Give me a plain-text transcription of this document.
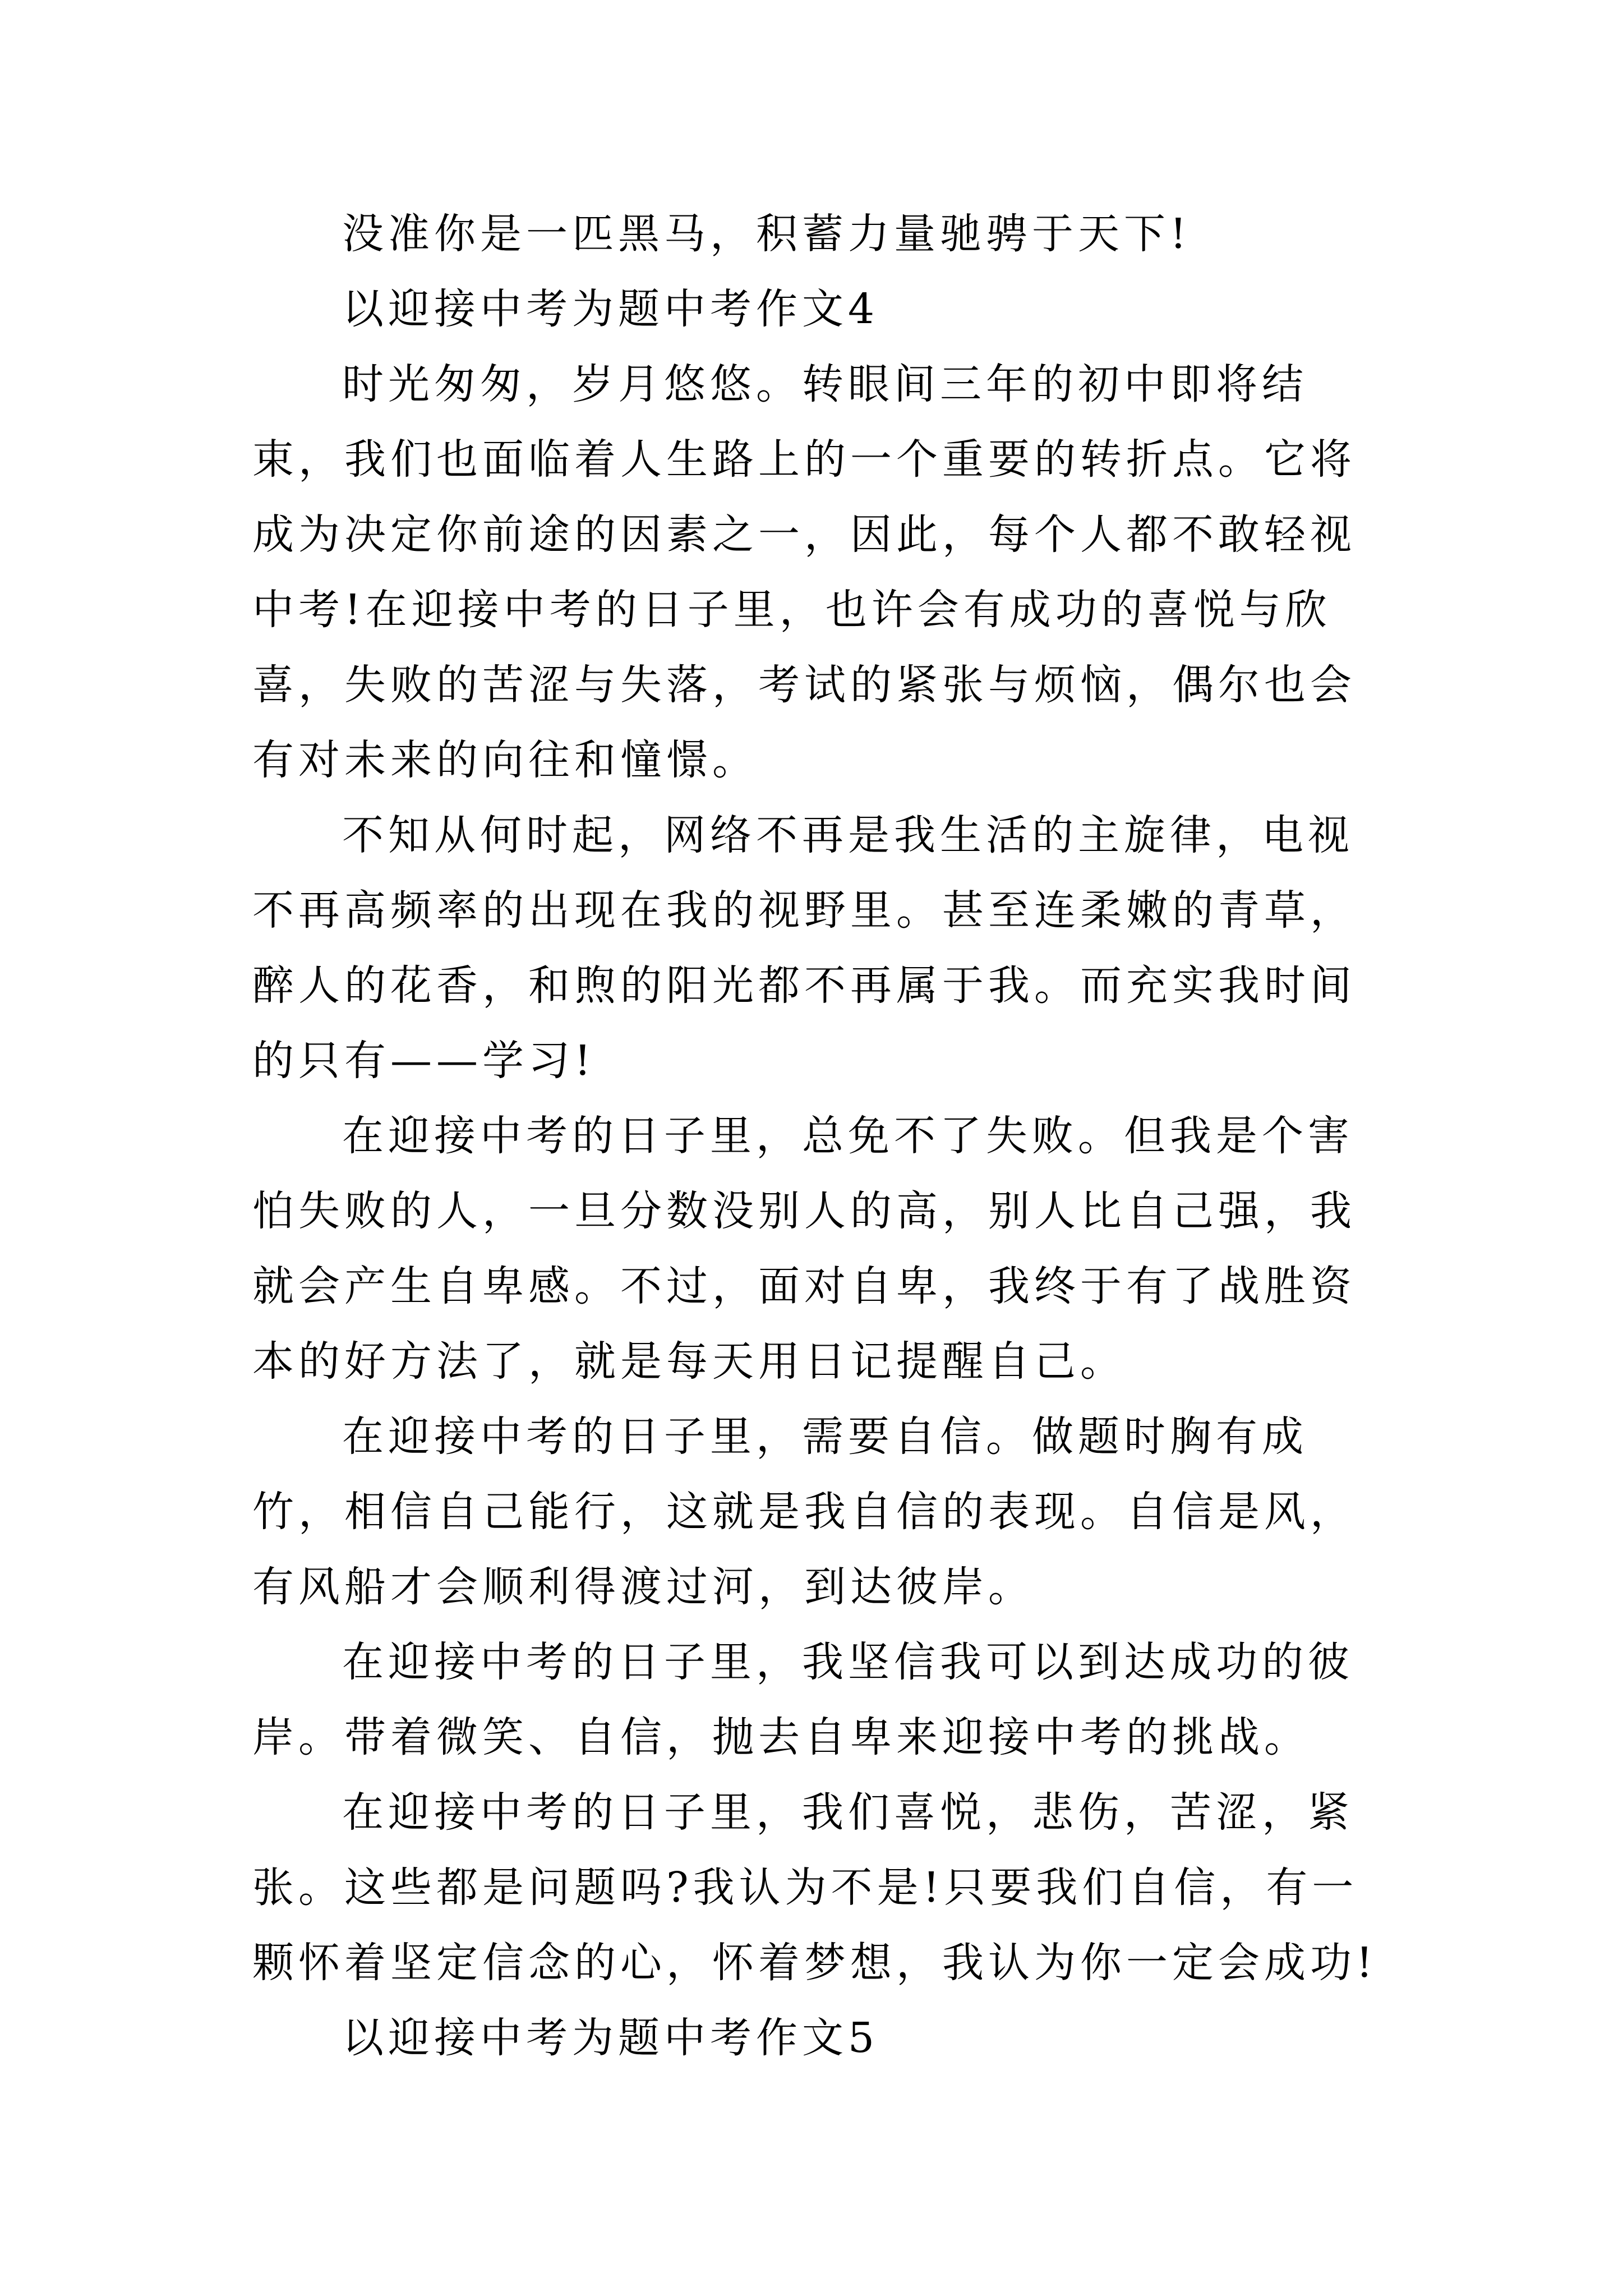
没准你是一匹黑马，积蓄力量驰骋于天下!

以迎接中考为题中考作文4

时光匆匆，岁月悠悠。转眼间三年的初中即将结束，我们也面临着人生路上的一个重要的转折点。它将成为决定你前途的因素之一，因此，每个人都不敢轻视中考!在迎接中考的日子里，也许会有成功的喜悦与欣喜，失败的苦涩与失落，考试的紧张与烦恼，偶尔也会有对未来的向往和憧憬。

不知从何时起，网络不再是我生活的主旋律，电视不再高频率的出现在我的视野里。甚至连柔嫩的青草，醉人的花香，和煦的阳光都不再属于我。而充实我时间的只有——学习!

在迎接中考的日子里，总免不了失败。但我是个害怕失败的人，一旦分数没别人的高，别人比自己强，我就会产生自卑感。不过，面对自卑，我终于有了战胜资本的好方法了，就是每天用日记提醒自己。

在迎接中考的日子里，需要自信。做题时胸有成竹，相信自己能行，这就是我自信的表现。自信是风，有风船才会顺利得渡过河，到达彼岸。

在迎接中考的日子里，我坚信我可以到达成功的彼岸。带着微笑、自信，抛去自卑来迎接中考的挑战。

在迎接中考的日子里，我们喜悦，悲伤，苦涩，紧张。这些都是问题吗?我认为不是!只要我们自信，有一颗怀着坚定信念的心，怀着梦想，我认为你一定会成功!

以迎接中考为题中考作文5
